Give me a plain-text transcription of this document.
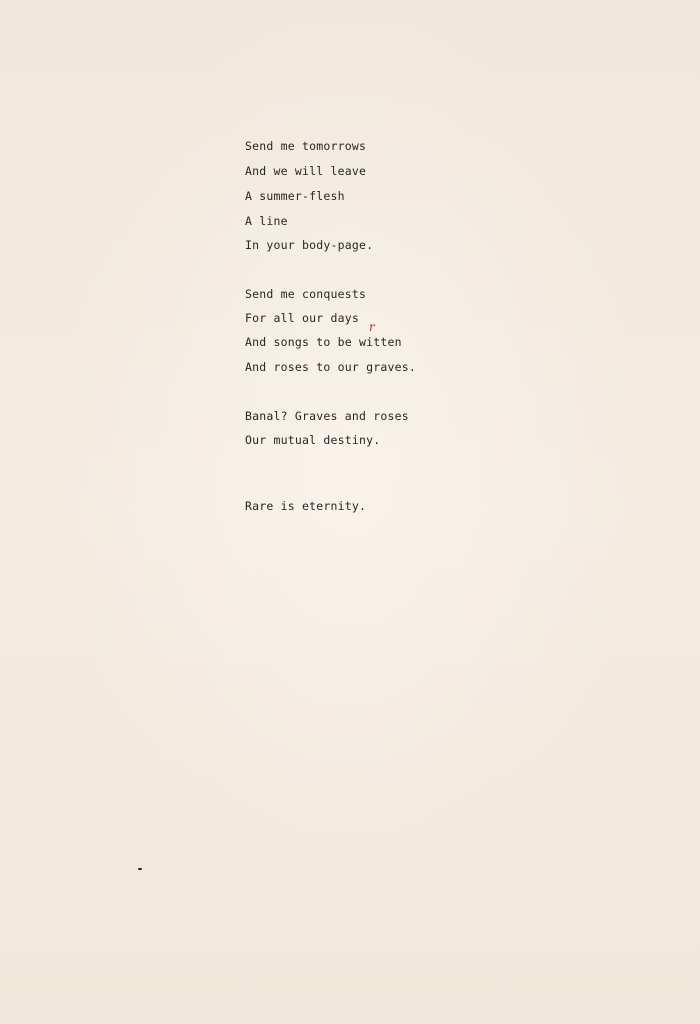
Send me tomorrows
And we will leave
A summer-flesh
A line
In your body-page.
Send me conquests
For all our days
And songs to be witten
And roses to our graves.
r
Banal? Graves and roses
Our mutual destiny.
Rare is eternity.
